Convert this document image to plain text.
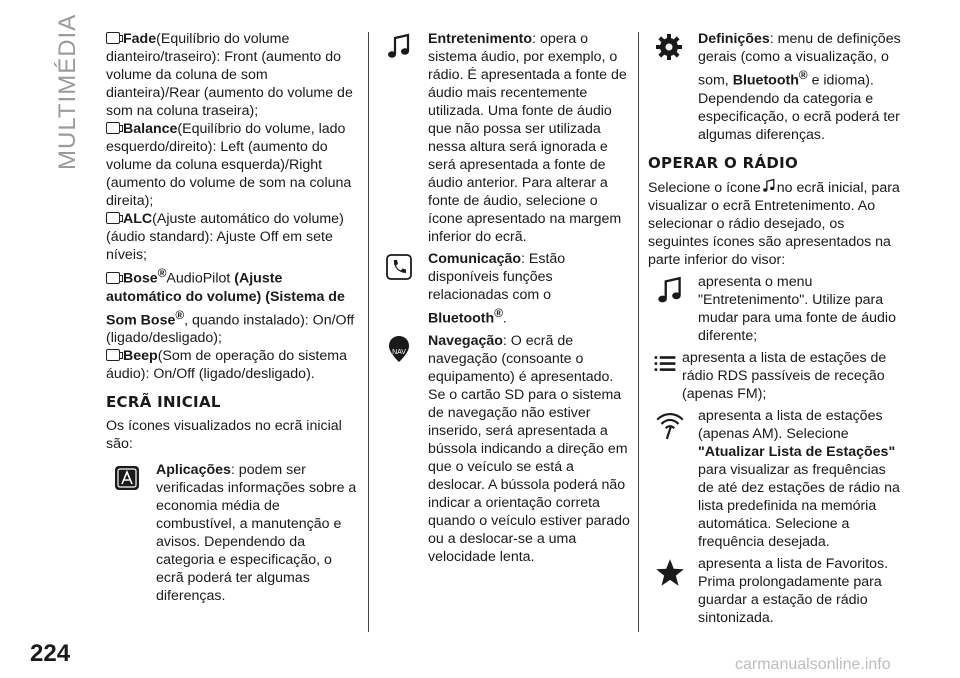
MULTIMÉDIA	Fade(Equilíbrio do volume dianteiro/traseiro): Front (aumento do volume da coluna de som dianteira)/Rear (aumento do volume de som na coluna traseira);

Balance(Equilíbrio do volume, lado esquerdo/direito): Left (aumento do volume da coluna esquerda)/Right (aumento do volume de som na coluna direita);

ALC(Ajuste automático do volume) (áudio standard): Ajuste Off em sete níveis;

Bose®AudioPilot (Ajuste automático do volume) (Sistema de Som Bose®, quando instalado): On/Off (ligado/desligado);

Beep(Som de operação do sistema áudio): On/Off (ligado/desligado).

ECRÃ INICIAL

Os ícones visualizados no ecrã inicial são:

Aplicações: podem ser verificadas informações sobre a economia média de combustível, a manutenção e avisos. Dependendo da categoria e especificação, o ecrã poderá ter algumas diferenças.

Entretenimento: opera o sistema áudio, por exemplo, o rádio. É apresentada a fonte de áudio mais recentemente utilizada. Uma fonte de áudio que não possa ser utilizada nessa altura será ignorada e será apresentada a fonte de áudio anterior. Para alterar a fonte de áudio, selecione o ícone apresentado na margem inferior do ecrã.

Comunicação: Estão disponíveis funções relacionadas com o
Bluetooth®.

NAV

Navegação: O ecrã de navegação (consoante o equipamento) é apresentado. Se o cartão SD para o sistema de navegação não estiver inserido, será apresentada a bússola indicando a direção em que o veículo se está a deslocar. A bússola poderá não indicar a orientação correta quando o veículo estiver parado ou a deslocar-se a uma velocidade lenta.

Definições: menu de definições gerais (como a visualização, o som, Bluetooth® e idioma). Dependendo da categoria e especificação, o ecrã poderá ter algumas diferenças.

OPERAR O RÁDIO

Selecione o ícone no ecrã inicial, para visualizar o ecrã Entretenimento. Ao selecionar o rádio desejado, os seguintes ícones são apresentados na parte inferior do visor:

apresenta o menu "Entretenimento". Utilize para mudar para uma fonte de áudio diferente;

apresenta a lista de estações de rádio RDS passíveis de receção (apenas FM);

apresenta a lista de estações (apenas AM). Selecione "Atualizar Lista de Estações" para visualizar as frequências de até dez estações de rádio na lista predefinida na memória automática. Selecione a frequência desejada.

apresenta a lista de Favoritos. Prima prolongadamente para guardar a estação de rádio sintonizada.

224	carmanualsonline.info
